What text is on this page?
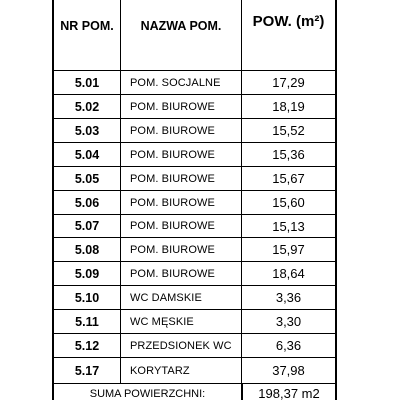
NR POM.	NAZWA POM.	POW. (m²)
5.01	POM. SOCJALNE	17,29
5.02	POM. BIUROWE	18,19
5.03	POM. BIUROWE	15,52
5.04	POM. BIUROWE	15,36
5.05	POM. BIUROWE	15,67
5.06	POM. BIUROWE	15,60
5.07	POM. BIUROWE	15,13
5.08	POM. BIUROWE	15,97
5.09	POM. BIUROWE	18,64
5.10	WC DAMSKIE	3,36
5.11	WC MĘSKIE	3,30
5.12	PRZEDSIONEK WC	6,36
5.17	KORYTARZ	37,98
SUMA POWIERZCHNI:	198,37 m2
